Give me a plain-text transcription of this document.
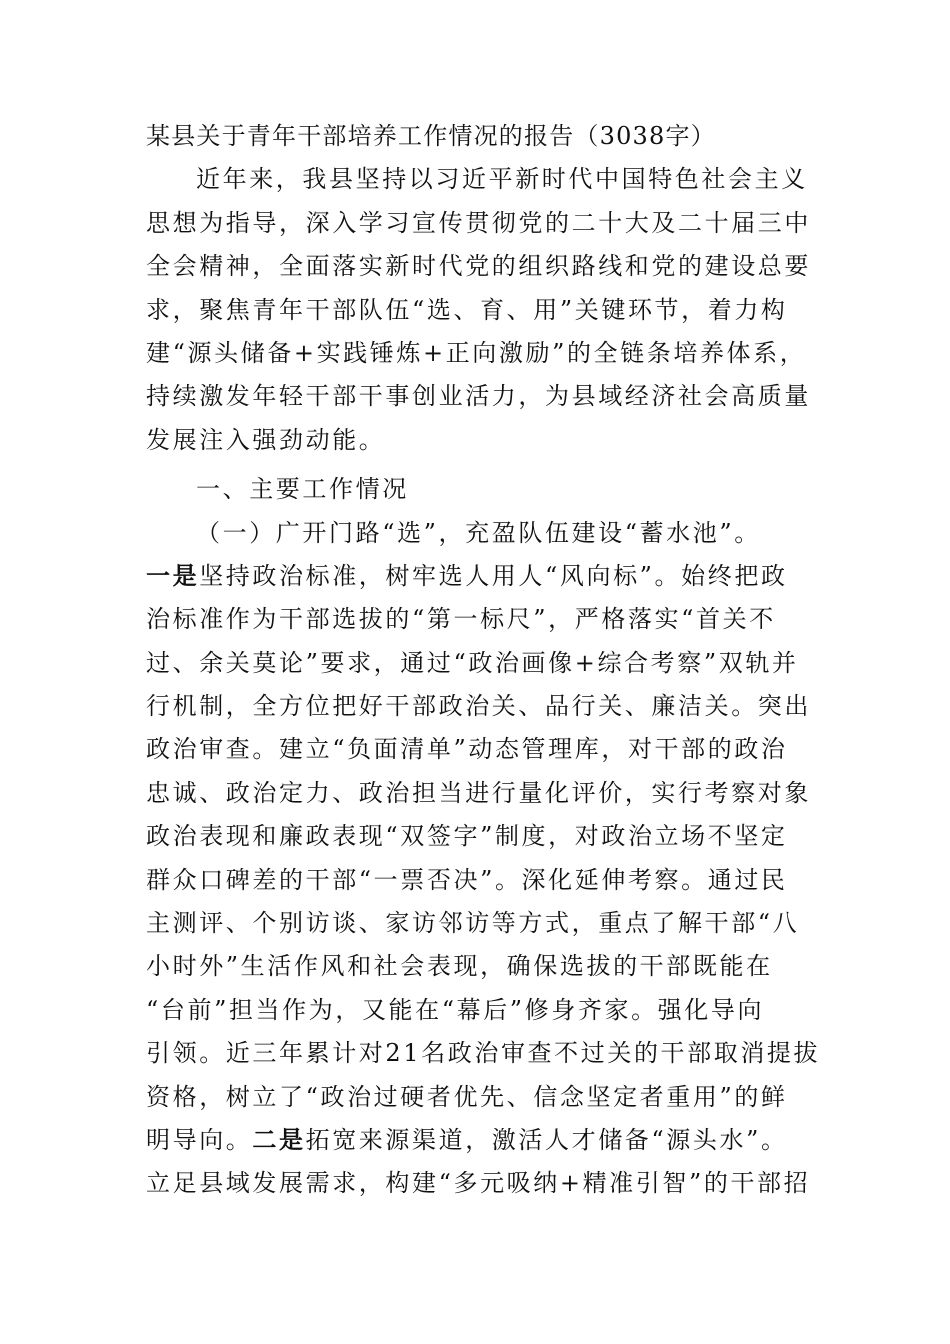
某县关于青年干部培养工作情况的报告（3038字）
近年来，我县坚持以习近平新时代中国特色社会主义
思想为指导，深入学习宣传贯彻党的二十大及二十届三中
全会精神，全面落实新时代党的组织路线和党的建设总要
求，聚焦青年干部队伍“选、育、用”关键环节，着力构
建“源头储备+实践锤炼+正向激励”的全链条培养体系，
持续激发年轻干部干事创业活力，为县域经济社会高质量
发展注入强劲动能。
一、主要工作情况
（一）广开门路“选”，充盈队伍建设“蓄水池”。
一是坚持政治标准，树牢选人用人“风向标”。始终把政
治标准作为干部选拔的“第一标尺”，严格落实“首关不
过、余关莫论”要求，通过“政治画像+综合考察”双轨并
行机制，全方位把好干部政治关、品行关、廉洁关。突出
政治审查。建立“负面清单”动态管理库，对干部的政治
忠诚、政治定力、政治担当进行量化评价，实行考察对象
政治表现和廉政表现“双签字”制度，对政治立场不坚定
群众口碑差的干部“一票否决”。深化延伸考察。通过民
主测评、个别访谈、家访邻访等方式，重点了解干部“八
小时外”生活作风和社会表现，确保选拔的干部既能在
“台前”担当作为，又能在“幕后”修身齐家。强化导向
引领。近三年累计对21名政治审查不过关的干部取消提拔
资格，树立了“政治过硬者优先、信念坚定者重用”的鲜
明导向。二是拓宽来源渠道，激活人才储备“源头水”。
立足县域发展需求，构建“多元吸纳+精准引智”的干部招
